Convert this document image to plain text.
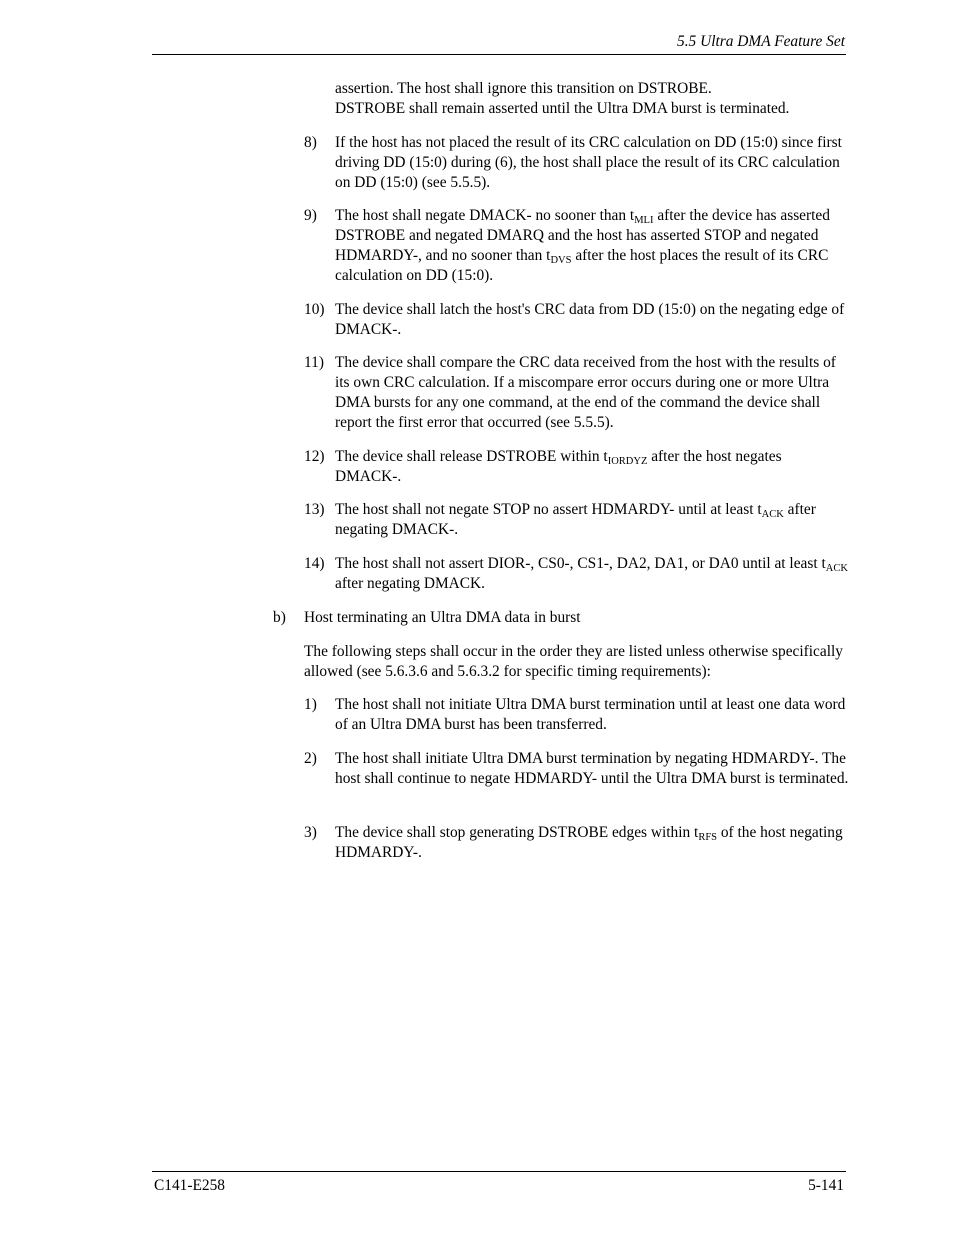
5.5 Ultra DMA Feature Set
assertion. The host shall ignore this transition on DSTROBE.
DSTROBE shall remain asserted until the Ultra DMA burst is terminated.
8) If the host has not placed the result of its CRC calculation on DD (15:0) since first driving DD (15:0) during (6), the host shall place the result of its CRC calculation on DD (15:0) (see 5.5.5).
9) The host shall negate DMACK- no sooner than tMLI after the device has asserted DSTROBE and negated DMARQ and the host has asserted STOP and negated HDMARDY-, and no sooner than tDVS after the host places the result of its CRC calculation on DD (15:0).
10) The device shall latch the host's CRC data from DD (15:0) on the negating edge of DMACK-.
11) The device shall compare the CRC data received from the host with the results of its own CRC calculation. If a miscompare error occurs during one or more Ultra DMA bursts for any one command, at the end of the command the device shall report the first error that occurred (see 5.5.5).
12) The device shall release DSTROBE within tIORDYZ after the host negates DMACK-.
13) The host shall not negate STOP no assert HDMARDY- until at least tACK after negating DMACK-.
14) The host shall not assert DIOR-, CS0-, CS1-, DA2, DA1, or DA0 until at least tACK after negating DMACK.
b) Host terminating an Ultra DMA data in burst
The following steps shall occur in the order they are listed unless otherwise specifically allowed (see 5.6.3.6 and 5.6.3.2 for specific timing requirements):
1) The host shall not initiate Ultra DMA burst termination until at least one data word of an Ultra DMA burst has been transferred.
2) The host shall initiate Ultra DMA burst termination by negating HDMARDY-. The host shall continue to negate HDMARDY- until the Ultra DMA burst is terminated.
3) The device shall stop generating DSTROBE edges within tRFS of the host negating HDMARDY-.
C141-E258	5-141
